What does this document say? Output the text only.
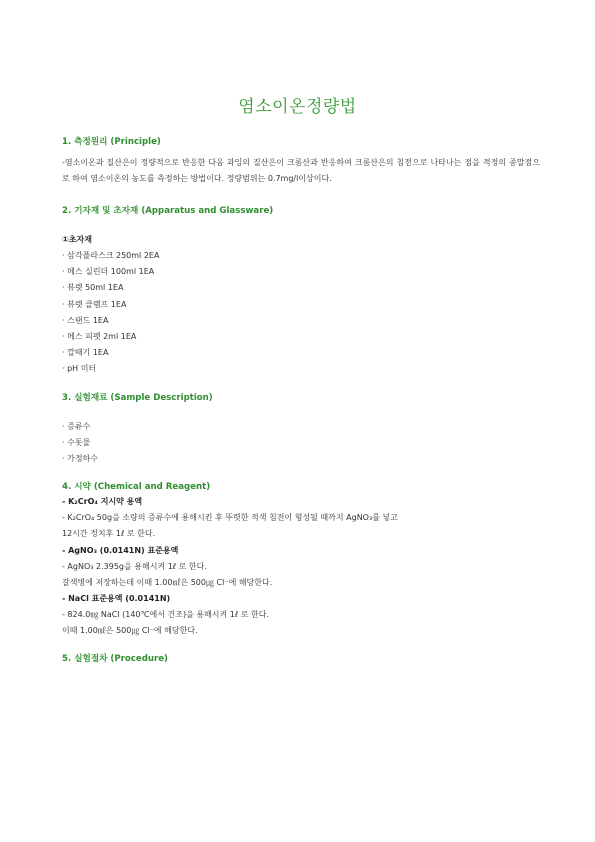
염소이온정량법
1. 측정원리 (Principle)
-염소이온과 질산은이 정량적으로 반응한 다음 과잉의 질산은이 크롬산과 반응하여 크롬산은의 침전으로 나타나는 점을 적정의 종말점으로 하여 염소이온의 농도를 측정하는 방법이다. 정량범위는 0.7mg/l이상이다.
2. 기자재 및 초자재 (Apparatus and Glassware)
①초자재
· 삼각플라스크 250ml 2EA
· 메스 실린더 100ml 1EA
· 뷰렛 50ml 1EA
· 뷰렛 클램프 1EA
· 스탠드 1EA
· 메스 피펫 2ml 1EA
· 깔때기 1EA
· pH 미터
3. 실험재료 (Sample Description)
· 증류수
· 수돗물
· 가정하수
4. 시약 (Chemical and Reagent)
- K₂CrO₄ 지시약 용액
- K₂CrO₄ 50g을 소량의 증류수에 용해시킨 후 뚜렷한 적색 침전이 형성될 때까지 AgNO₃를 넣고
12시간 정치후 1ℓ 로 한다.
- AgNO₃ (0.0141N) 표준용액
- AgNO₃ 2.395g을 용해시켜 1ℓ 로 한다.
갈색병에 저장하는데 이때 1.00㎖은 500㎍ Cl⁻에 해당한다.
- NaCl 표준용액 (0.0141N)
- 824.0㎎ NaCl (140℃에서 건조)을 용해시켜 1ℓ 로 한다.
이때 1.00㎖은 500㎍ Cl⁻에 해당한다.
5. 실험절차 (Procedure)
